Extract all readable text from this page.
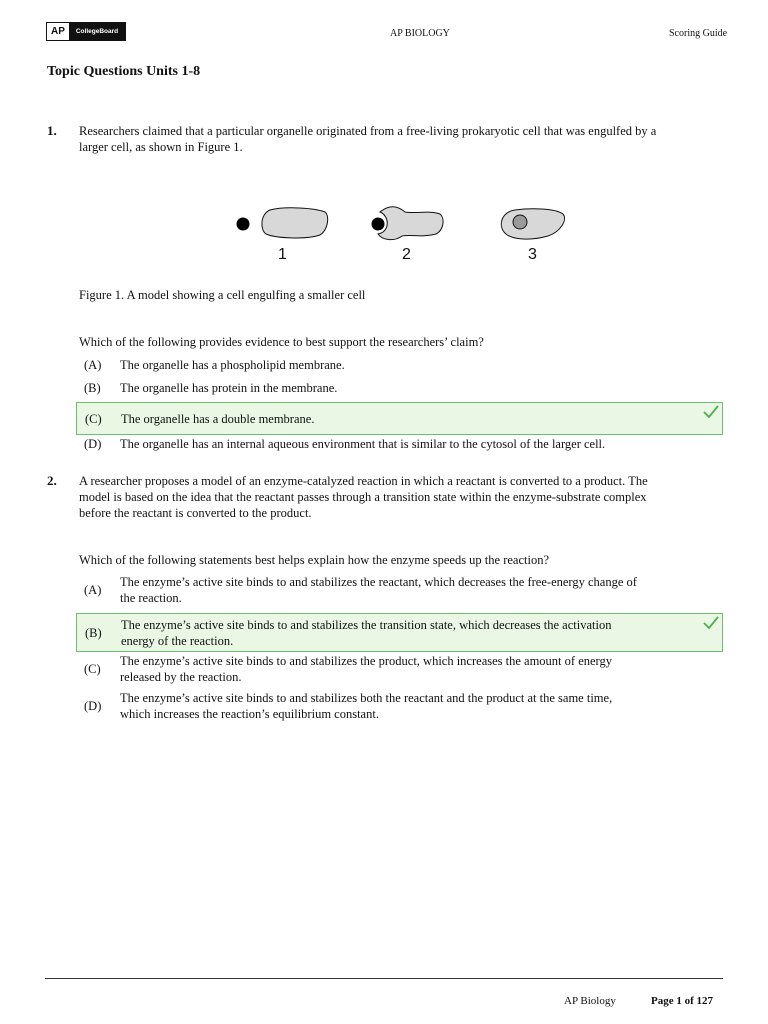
AP	CollegeBoard	AP BIOLOGY	Scoring Guide
Topic Questions Units 1-8
1. Researchers claimed that a particular organelle originated from a free-living prokaryotic cell that was engulfed by a
larger cell, as shown in Figure 1.
1	2	3
Figure 1. A model showing a cell engulfing a smaller cell
Which of the following provides evidence to best support the researchers’ claim?
(A)	The organelle has a phospholipid membrane.
(B)	The organelle has protein in the membrane.
(C)	The organelle has a double membrane.
(D)	The organelle has an internal aqueous environment that is similar to the cytosol of the larger cell.
2. A researcher proposes a model of an enzyme-catalyzed reaction in which a reactant is converted to a product. The
model is based on the idea that the reactant passes through a transition state within the enzyme-substrate complex
before the reactant is converted to the product.
Which of the following statements best helps explain how the enzyme speeds up the reaction?
(A)
The enzyme’s active site binds to and stabilizes the reactant, which decreases the free-energy change of
the reaction.
(B)
The enzyme’s active site binds to and stabilizes the transition state, which decreases the activation
energy of the reaction.
(C)
The enzyme’s active site binds to and stabilizes the product, which increases the amount of energy
released by the reaction.
(D)
The enzyme’s active site binds to and stabilizes both the reactant and the product at the same time,
which increases the reaction’s equilibrium constant.
AP Biology	Page 1 of 127
